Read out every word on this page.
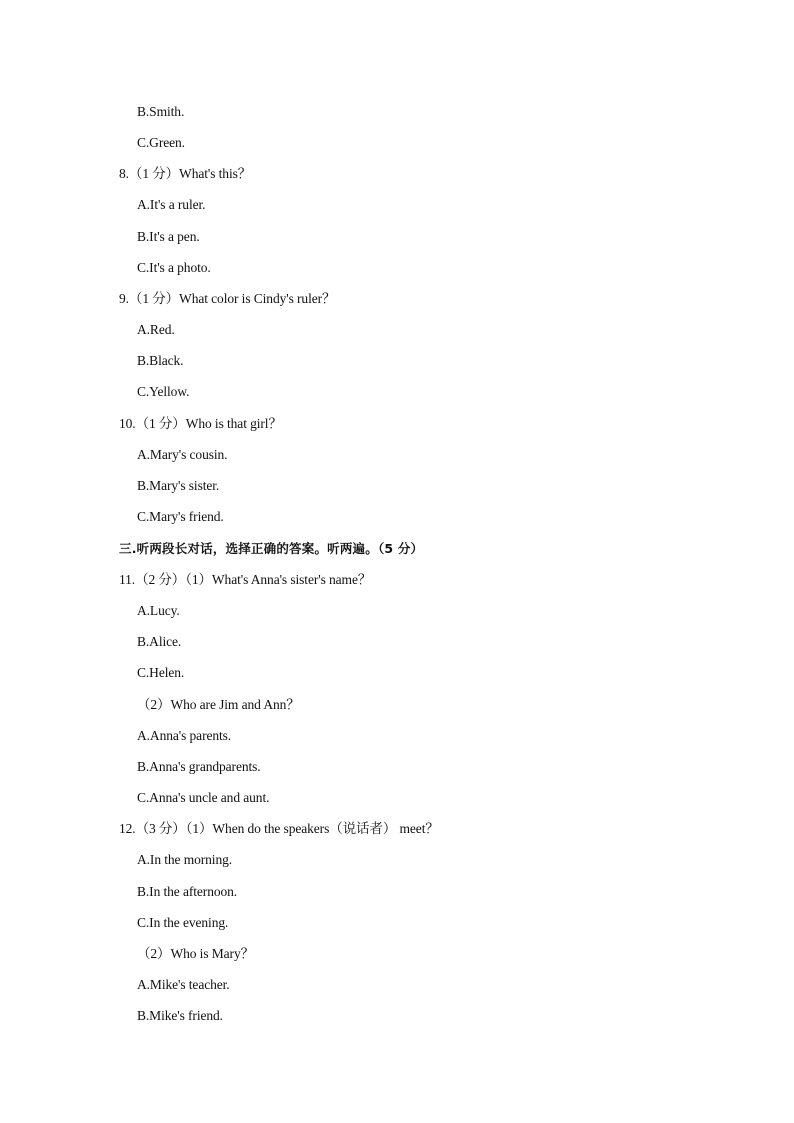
B.Smith.
C.Green.
8.（1 分）What's this？
A.It's a ruler.
B.It's a pen.
C.It's a photo.
9.（1 分）What color is Cindy's ruler？
A.Red.
B.Black.
C.Yellow.
10.（1 分）Who is that girl？
A.Mary's cousin.
B.Mary's sister.
C.Mary's friend.
三.听两段长对话，选择正确的答案。听两遍。（5 分）
11.（2 分）（1）What's Anna's sister's name？
A.Lucy.
B.Alice.
C.Helen.
（2）Who are Jim and Ann？
A.Anna's parents.
B.Anna's grandparents.
C.Anna's uncle and aunt.
12.（3 分）（1）When do the speakers（说话者） meet？
A.In the morning.
B.In the afternoon.
C.In the evening.
（2）Who is Mary？
A.Mike's teacher.
B.Mike's friend.
